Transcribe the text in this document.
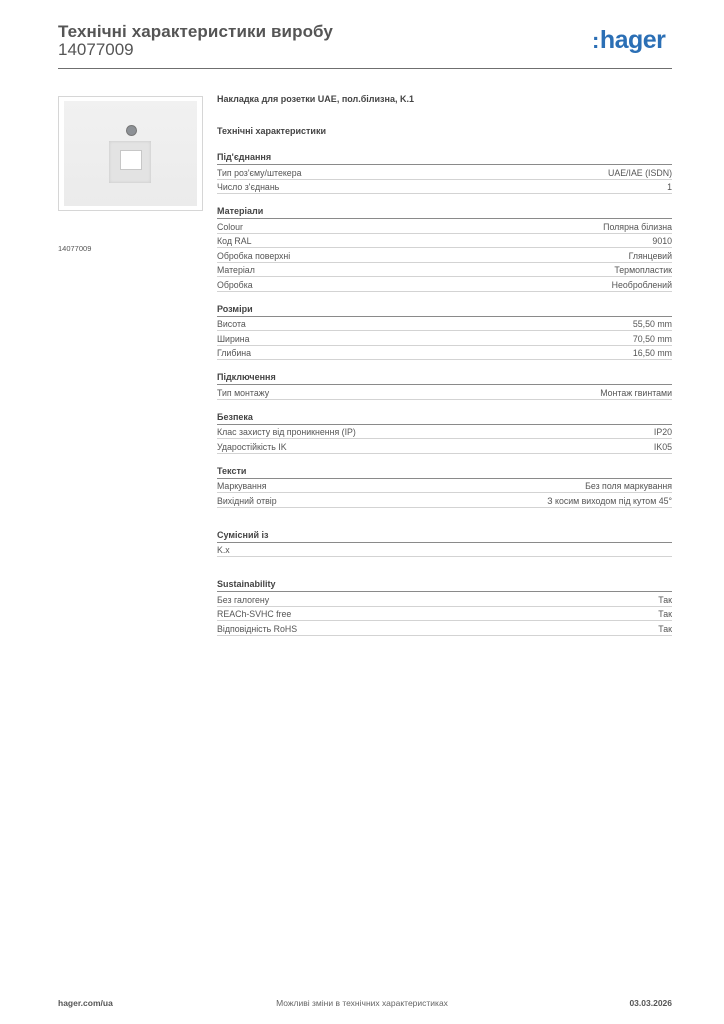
Технічні характеристики виробу
14077009	:hager
14077009
Накладка для розетки UAE, пол.білизна, K.1
Технічні характеристики
Під'єднання
Тип роз'єму/штекера	UAE/IAE (ISDN)
Число з'єднань	1
Матеріали
Colour	Полярна білизна
Код RAL	9010
Обробка поверхні	Глянцевий
Матеріал	Термопластик
Обробка	Необроблений
Розміри
Висота	55,50 mm
Ширина	70,50 mm
Глибина	16,50 mm
Підключення
Тип монтажу	Монтаж гвинтами
Безпека
Клас захисту від проникнення (IP)	IP20
Ударостійкість IK	IK05
Тексти
Маркування	Без поля маркування
Вихідний отвір	З косим виходом під кутом 45°
Сумісний із
K.x
Sustainability
Без галогену	Так
REACh-SVHC free	Так
Відповідність RoHS	Так
hager.com/ua	Можливі зміни в технічних характеристиках	03.03.2026
